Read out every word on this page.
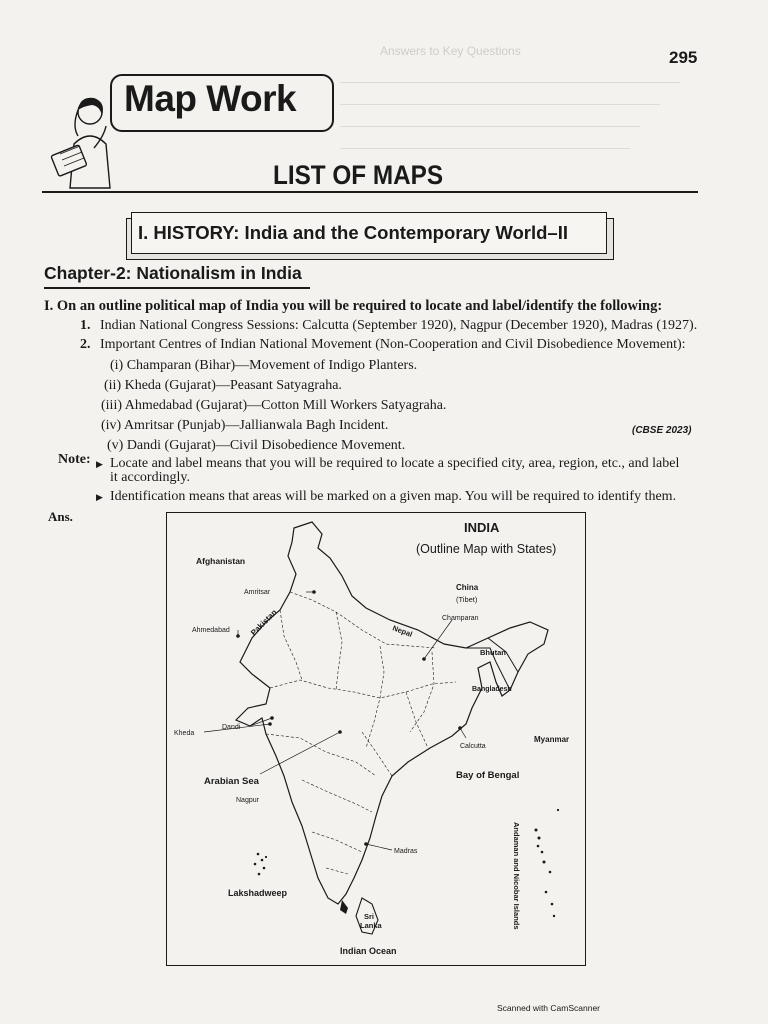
Answers to Key Questions	295
Map Work
LIST OF MAPS
I. HISTORY: India and the Contemporary World–II
Chapter-2: Nationalism in India
I. On an outline political map of India you will be required to locate and label/identify the following:
1. Indian National Congress Sessions: Calcutta (September 1920), Nagpur (December 1920), Madras (1927).
2. Important Centres of Indian National Movement (Non-Cooperation and Civil Disobedience Movement):
(i) Champaran (Bihar)—Movement of Indigo Planters.
(ii) Kheda (Gujarat)—Peasant Satyagraha.
(iii) Ahmedabad (Gujarat)—Cotton Mill Workers Satyagraha.
(iv) Amritsar (Punjab)—Jallianwala Bagh Incident.	(CBSE 2023)
(v) Dandi (Gujarat)—Civil Disobedience Movement.
Note: ▶ Locate and label means that you will be required to locate a specified city, area, region, etc., and label
it accordingly.
▶ Identification means that areas will be marked on a given map. You will be required to identify them.
Ans.
INDIA
(Outline Map with States)
Afghanistan
China
(Tibet)
Pakistan	Nepal
Bhutan
Bangladesh
Myanmar
Sri
Lanka
Arabian Sea
Bay of Bengal
Indian Ocean
Lakshadweep	Andaman and Nicobar Islands
Amritsar
Ahmedabad
Champaran
Kheda
Dandi
Nagpur
Calcutta
Madras
Scanned with CamScanner
